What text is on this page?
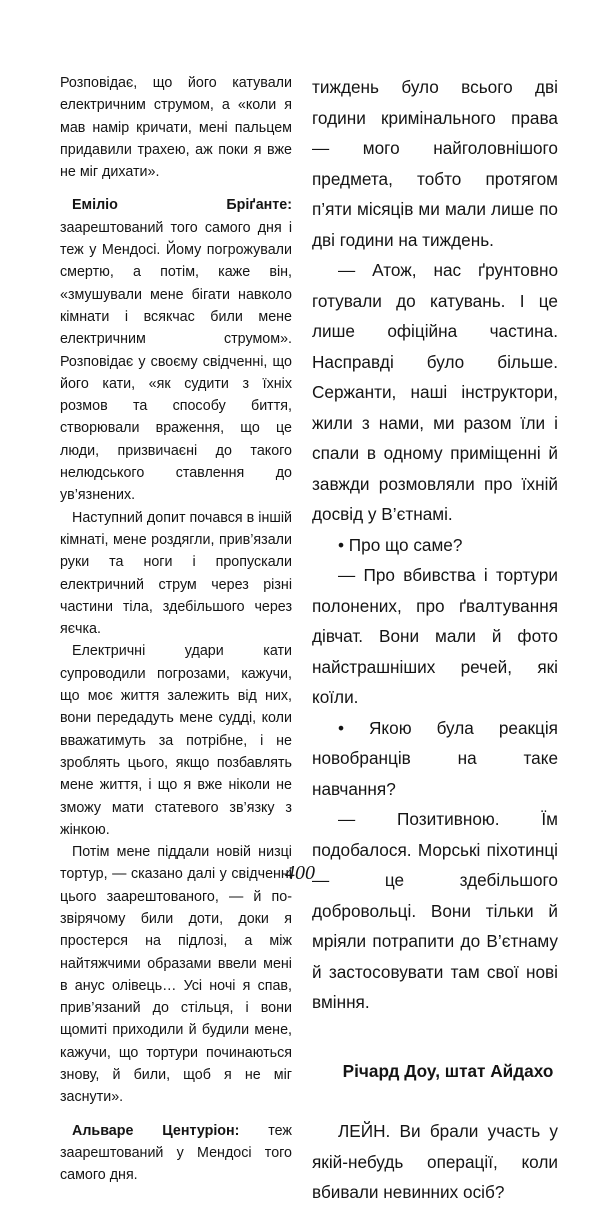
Розповідає, що його катували електричним струмом, а «коли я мав намір кричати, мені пальцем придавили трахею, аж поки я вже не міг дихати».

Еміліо Бріґанте: заарештований того самого дня і теж у Мендосі. Йому погрожували смертю, а потім, каже він, «змушували мене бігати навколо кімнати і всякчас били мене електричним струмом». Розповідає у своєму свідченні, що його кати, «як судити з їхніх розмов та способу биття, створювали враження, що це люди, призвичаєні до такого нелюдського ставлення до ув’язнених.

Наступний допит почався в іншій кімнаті, мене роздягли, прив’язали руки та ноги і пропускали електричний струм через різні частини тіла, здебільшого через яєчка.

Електричні удари кати супроводили погрозами, кажучи, що моє життя залежить від них, вони передадуть мене судді, коли вважатимуть за потрібне, і не зроблять цього, якщо позбавлять мене життя, і що я вже ніколи не зможу мати статевого зв’язку з жінкою.

Потім мене піддали новій низці тортур, — сказано далі у свідченні цього заарештованого, — й по-звірячому били доти, доки я простерся на підлозі, а між найтяжчими образами ввели мені в анус олівець… Усі ночі я спав, прив’язаний до стільця, і вони щомиті приходили й будили мене, кажучи, що тортури починаються знову, й били, щоб я не міг заснути».

Альваре Центуріон: теж заарештований у Мендосі того самого дня.

тиждень було всього дві години кримінального права — мого найголовнішого предмета, тобто протягом п’яти місяців ми мали лише по дві години на тиждень.

— Атож, нас ґрунтовно готували до катувань. І це лише офіційна частина. Насправді було більше. Сержанти, наші інструктори, жили з нами, ми разом їли і спали в одному приміщенні й завжди розмовляли про їхній досвід у В’єтнамі.

• Про що саме?

— Про вбивства і тортури полонених, про ґвалтування дівчат. Вони мали й фото найстрашніших речей, які коїли.

• Якою була реакція новобранців на таке навчання?

— Позитивною. Їм подобалося. Морські піхотинці — це здебільшого добровольці. Вони тільки й мріяли потрапити до В’єтнаму й застосовувати там свої нові вміння.

Річард Доу, штат Айдахо

ЛЕЙН. Ви брали участь у якій-небудь операції, коли вбивали невинних осіб?

400
